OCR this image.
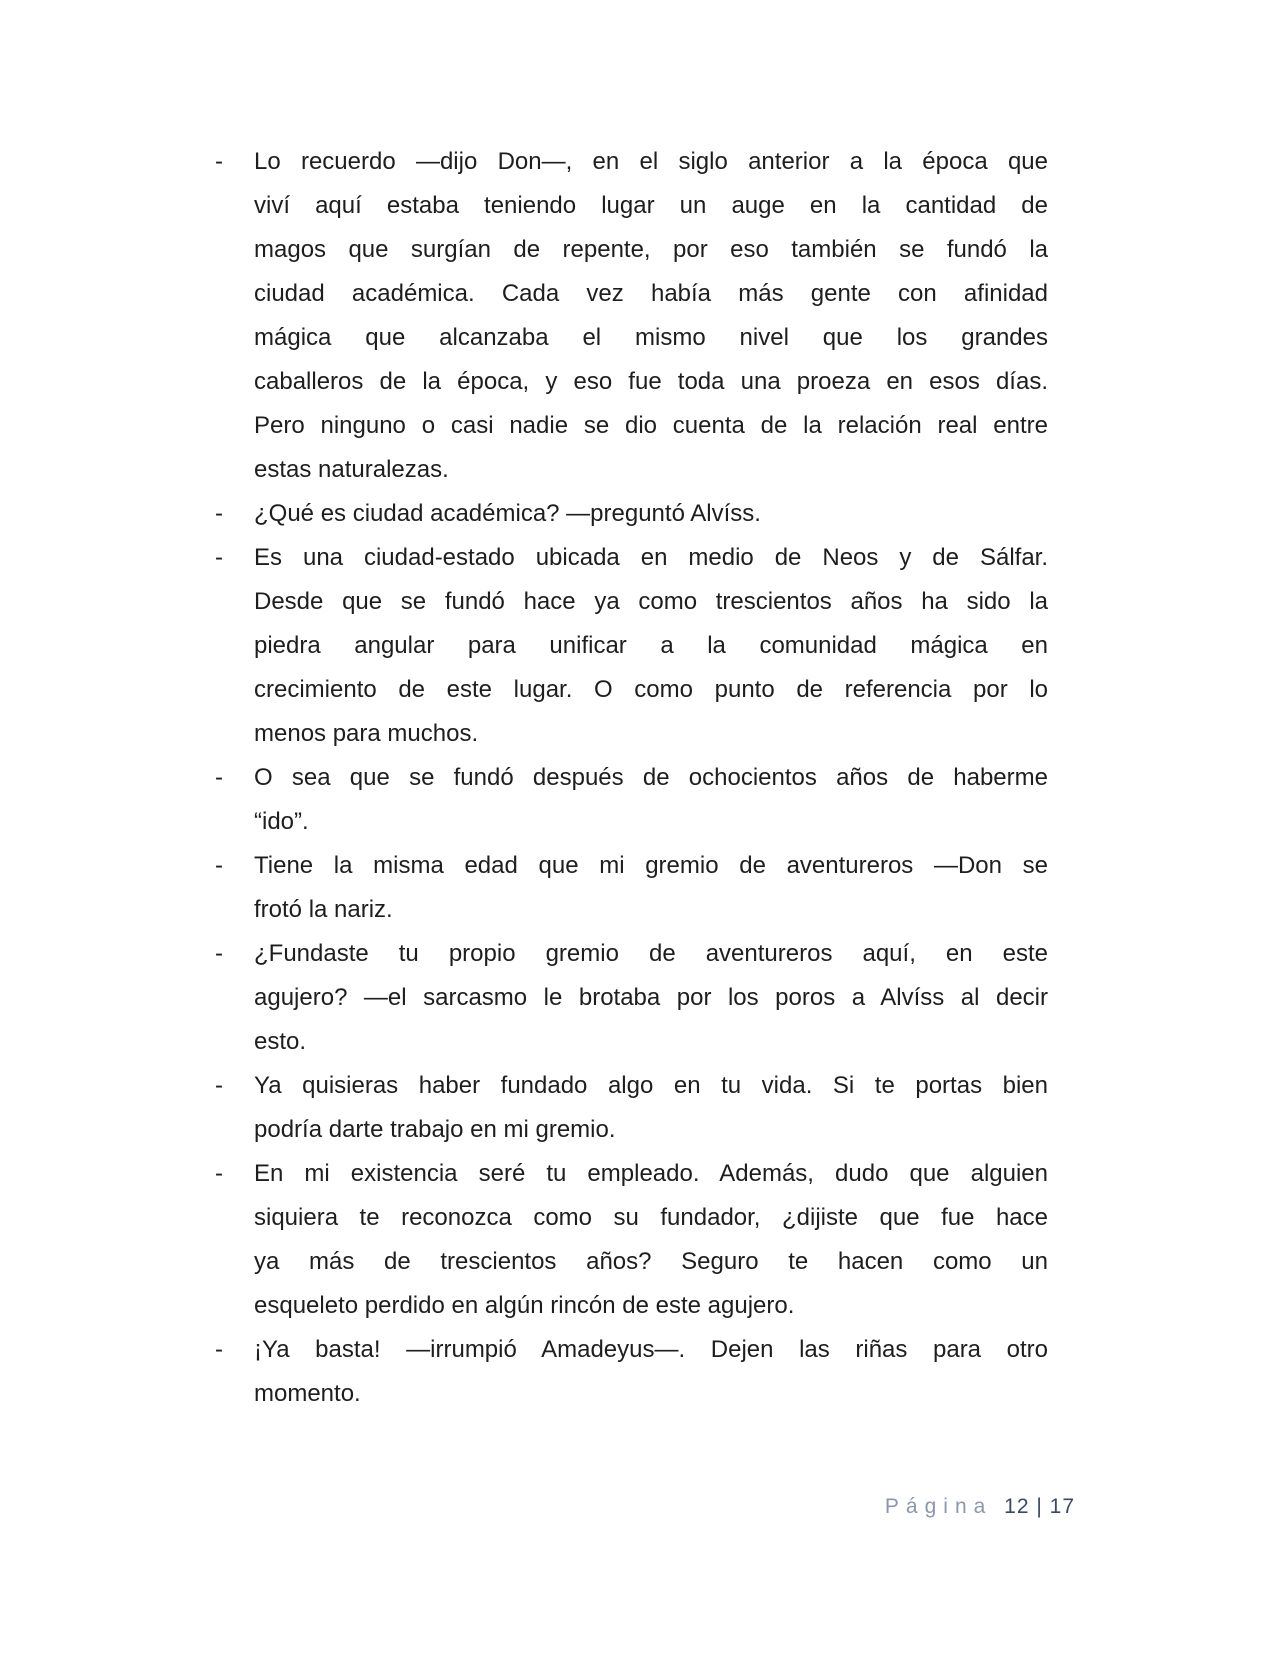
-	Lo recuerdo —dijo Don—, en el siglo anterior a la época que
viví aquí estaba teniendo lugar un auge en la cantidad de
magos que surgían de repente, por eso también se fundó la
ciudad académica. Cada vez había más gente con afinidad
mágica que alcanzaba el mismo nivel que los grandes
caballeros de la época, y eso fue toda una proeza en esos días.
Pero ninguno o casi nadie se dio cuenta de la relación real entre
estas naturalezas.
-	¿Qué es ciudad académica? —preguntó Alvíss.
-	Es una ciudad-estado ubicada en medio de Neos y de Sálfar.
Desde que se fundó hace ya como trescientos años ha sido la
piedra angular para unificar a la comunidad mágica en
crecimiento de este lugar. O como punto de referencia por lo
menos para muchos.
-	O sea que se fundó después de ochocientos años de haberme
“ido”.
-	Tiene la misma edad que mi gremio de aventureros —Don se
frotó la nariz.
-	¿Fundaste tu propio gremio de aventureros aquí, en este
agujero? —el sarcasmo le brotaba por los poros a Alvíss al decir
esto.
-	Ya quisieras haber fundado algo en tu vida. Si te portas bien
podría darte trabajo en mi gremio.
-	En mi existencia seré tu empleado. Además, dudo que alguien
siquiera te reconozca como su fundador, ¿dijiste que fue hace
ya más de trescientos años? Seguro te hacen como un
esqueleto perdido en algún rincón de este agujero.
-	¡Ya basta! —irrumpió Amadeyus—. Dejen las riñas para otro
momento.
Página 12 | 17
